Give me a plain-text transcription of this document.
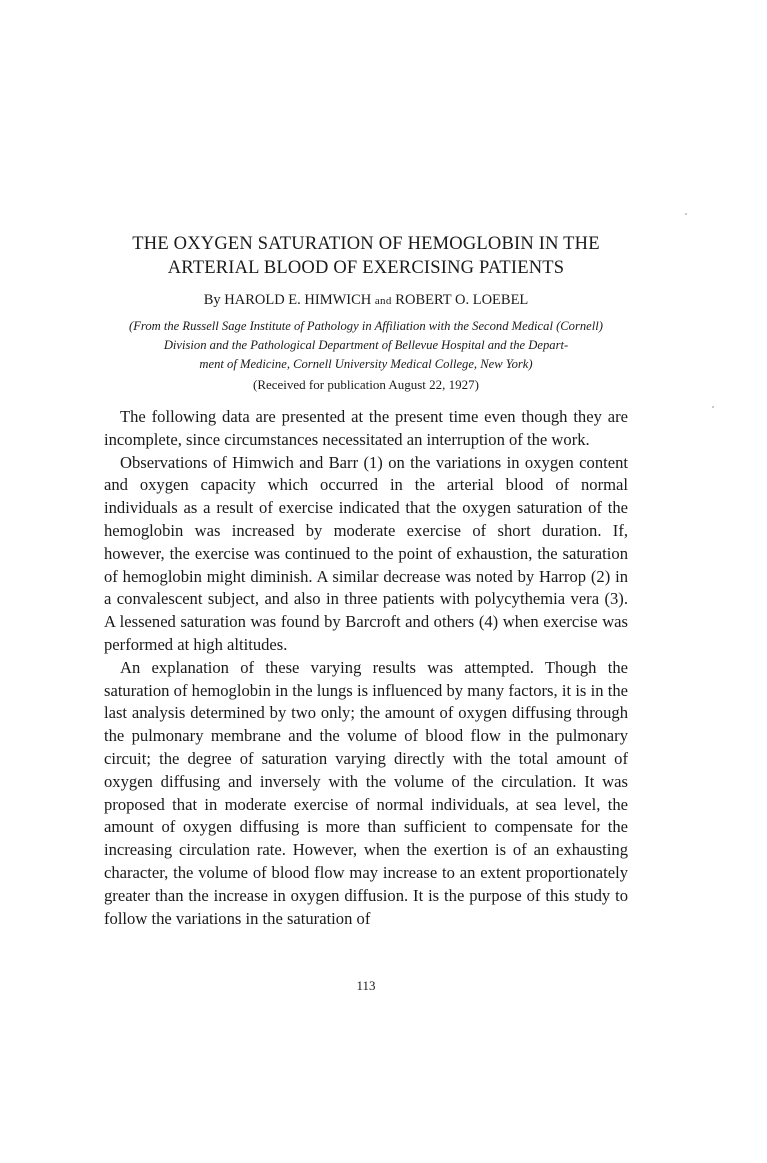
THE OXYGEN SATURATION OF HEMOGLOBIN IN THE
ARTERIAL BLOOD OF EXERCISING PATIENTS

By HAROLD E. HIMWICH and ROBERT O. LOEBEL

(From the Russell Sage Institute of Pathology in Affiliation with the Second Medical (Cornell)
Division and the Pathological Department of Bellevue Hospital and the Depart-
ment of Medicine, Cornell University Medical College, New York)

(Received for publication August 22, 1927)

The following data are presented at the present time even though they are incomplete, since circumstances necessitated an interruption of the work.

Observations of Himwich and Barr (1) on the variations in oxygen content and oxygen capacity which occurred in the arterial blood of normal individuals as a result of exercise indicated that the oxygen saturation of the hemoglobin was increased by moderate exercise of short duration. If, however, the exercise was continued to the point of exhaustion, the saturation of hemoglobin might diminish. A similar decrease was noted by Harrop (2) in a convalescent subject, and also in three patients with polycythemia vera (3). A lessened saturation was found by Barcroft and others (4) when exercise was performed at high altitudes.

An explanation of these varying results was attempted. Though the saturation of hemoglobin in the lungs is influenced by many factors, it is in the last analysis determined by two only; the amount of oxygen diffusing through the pulmonary membrane and the volume of blood flow in the pulmonary circuit; the degree of saturation varying directly with the total amount of oxygen diffusing and inversely with the volume of the circulation. It was proposed that in moderate exercise of normal individuals, at sea level, the amount of oxygen diffusing is more than sufficient to compensate for the increasing circulation rate. However, when the exertion is of an exhausting character, the volume of blood flow may increase to an extent proportionately greater than the increase in oxygen diffusion. It is the purpose of this study to follow the variations in the saturation of

113
